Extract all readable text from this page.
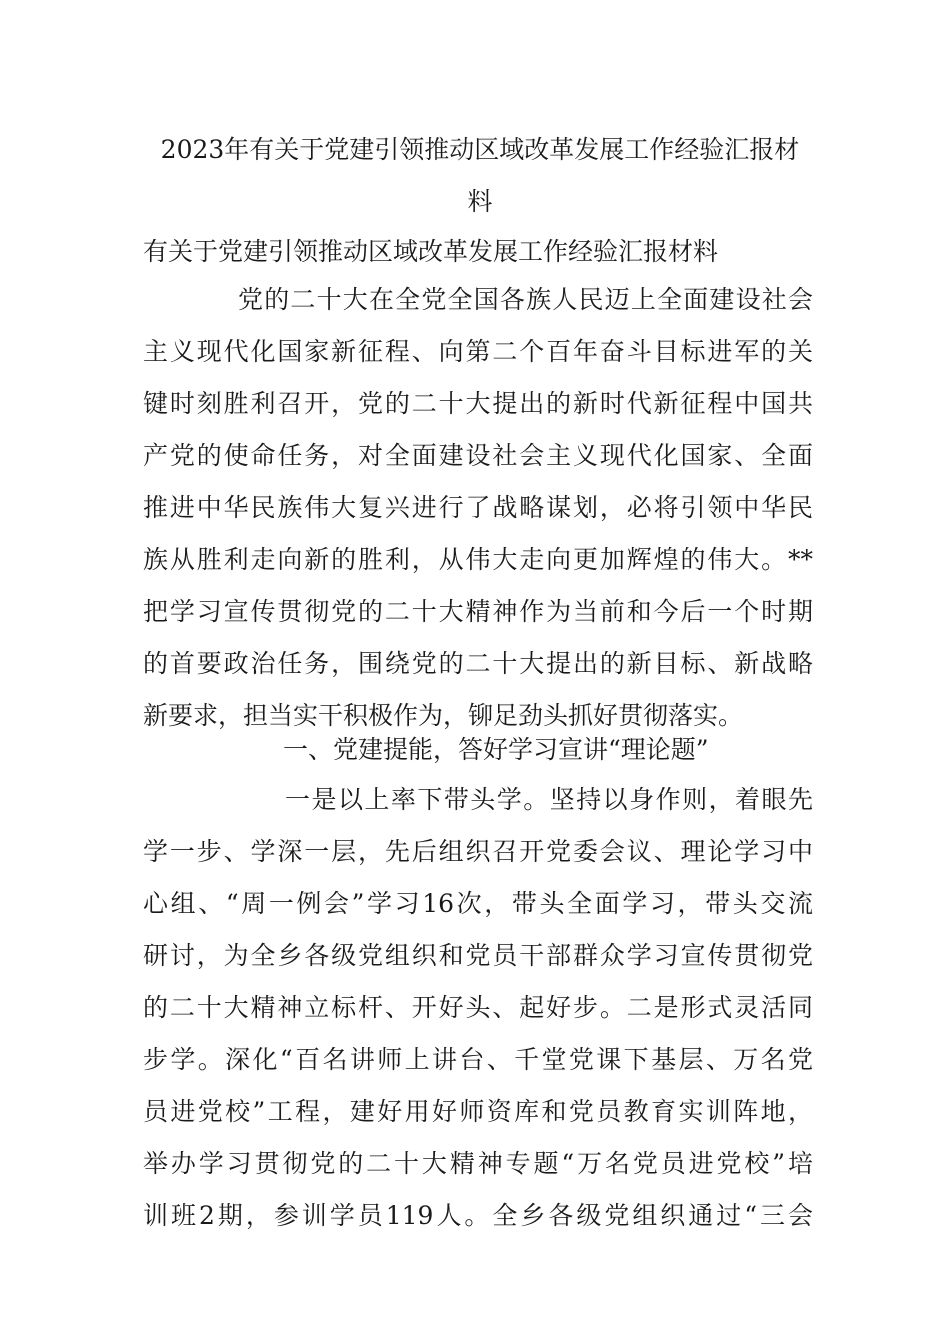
2023年有关于党建引领推动区域改革发展工作经验汇报材
料
有关于党建引领推动区域改革发展工作经验汇报材料
党的二十大在全党全国各族人民迈上全面建设社会
主义现代化国家新征程、向第二个百年奋斗目标进军的关
键时刻胜利召开，党的二十大提出的新时代新征程中国共
产党的使命任务，对全面建设社会主义现代化国家、全面
推进中华民族伟大复兴进行了战略谋划，必将引领中华民
族从胜利走向新的胜利，从伟大走向更加辉煌的伟大。**
把学习宣传贯彻党的二十大精神作为当前和今后一个时期
的首要政治任务，围绕党的二十大提出的新目标、新战略
新要求，担当实干积极作为，铆足劲头抓好贯彻落实。
一、党建提能，答好学习宣讲“理论题”
一是以上率下带头学。坚持以身作则，着眼先
学一步、学深一层，先后组织召开党委会议、理论学习中
心组、“周一例会”学习16次，带头全面学习，带头交流
研讨，为全乡各级党组织和党员干部群众学习宣传贯彻党
的二十大精神立标杆、开好头、起好步。二是形式灵活同
步学。深化“百名讲师上讲台、千堂党课下基层、万名党
员进党校”工程，建好用好师资库和党员教育实训阵地，
举办学习贯彻党的二十大精神专题“万名党员进党校”培
训班2期，参训学员119人。全乡各级党组织通过“三会
